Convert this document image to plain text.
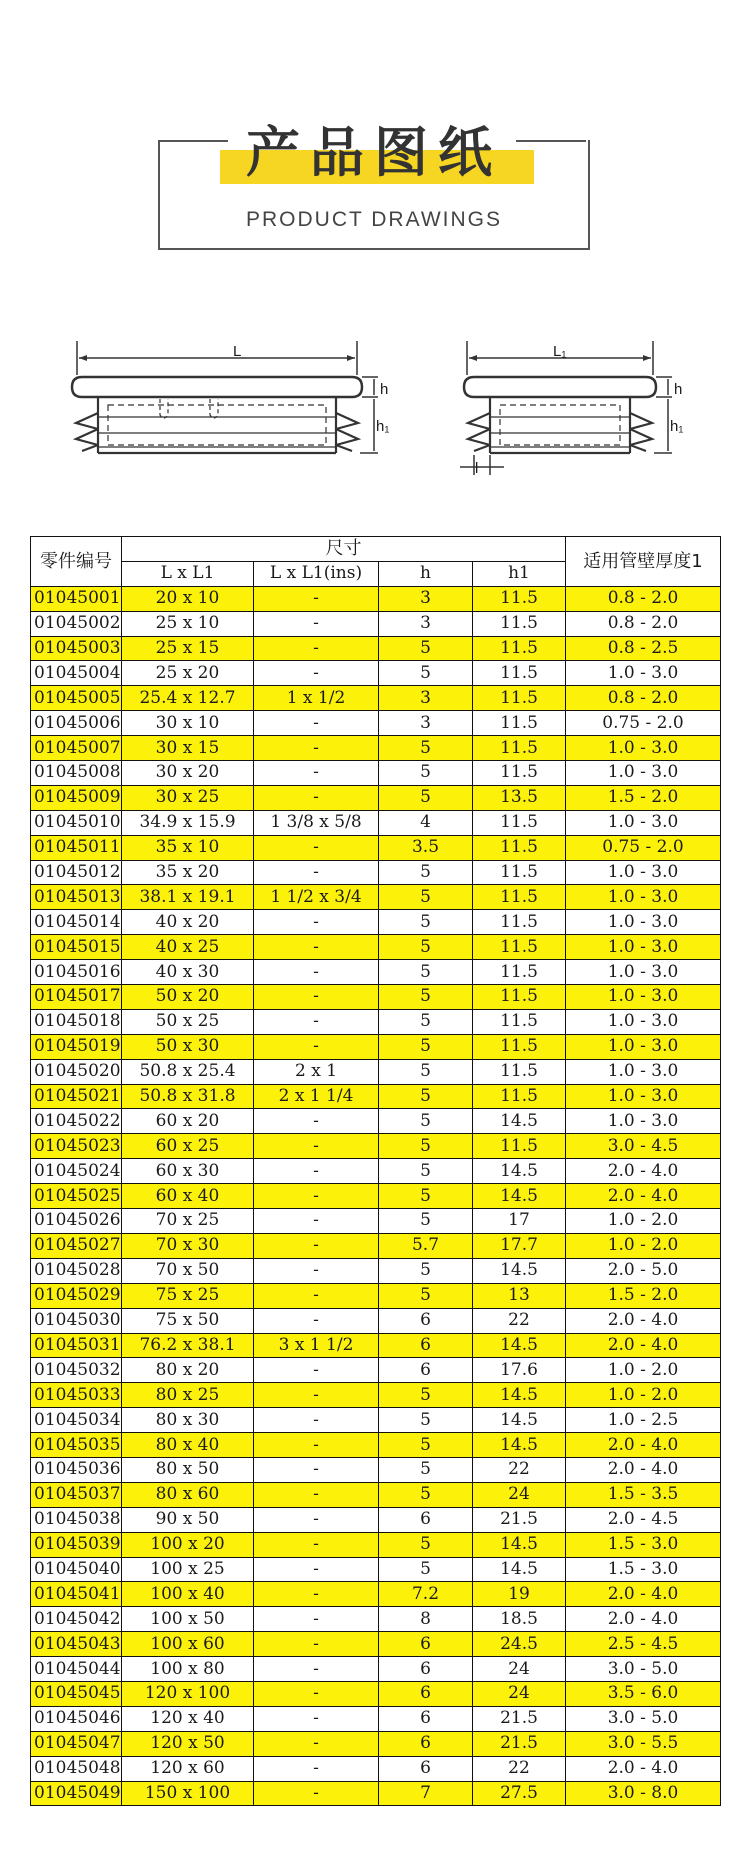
产品图纸
PRODUCT DRAWINGS
L
h
h₁
L₁
h
h₁
l
零件编号	尺寸				适用管壁厚度1
	L x L1	L x L1(ins)	h	h1	
01045001	20 x 10	-	3	11.5	0.8 - 2.0
01045002	25 x 10	-	3	11.5	0.8 - 2.0
01045003	25 x 15	-	5	11.5	0.8 - 2.5
01045004	25 x 20	-	5	11.5	1.0 - 3.0
01045005	25.4 x 12.7	1 x 1/2	3	11.5	0.8 - 2.0
01045006	30 x 10	-	3	11.5	0.75 - 2.0
01045007	30 x 15	-	5	11.5	1.0 - 3.0
01045008	30 x 20	-	5	11.5	1.0 - 3.0
01045009	30 x 25	-	5	13.5	1.5 - 2.0
01045010	34.9 x 15.9	1 3/8 x 5/8	4	11.5	1.0 - 3.0
01045011	35 x 10	-	3.5	11.5	0.75 - 2.0
01045012	35 x 20	-	5	11.5	1.0 - 3.0
01045013	38.1 x 19.1	1 1/2 x 3/4	5	11.5	1.0 - 3.0
01045014	40 x 20	-	5	11.5	1.0 - 3.0
01045015	40 x 25	-	5	11.5	1.0 - 3.0
01045016	40 x 30	-	5	11.5	1.0 - 3.0
01045017	50 x 20	-	5	11.5	1.0 - 3.0
01045018	50 x 25	-	5	11.5	1.0 - 3.0
01045019	50 x 30	-	5	11.5	1.0 - 3.0
01045020	50.8 x 25.4	2 x 1	5	11.5	1.0 - 3.0
01045021	50.8 x 31.8	2 x 1 1/4	5	11.5	1.0 - 3.0
01045022	60 x 20	-	5	14.5	1.0 - 3.0
01045023	60 x 25	-	5	11.5	3.0 - 4.5
01045024	60 x 30	-	5	14.5	2.0 - 4.0
01045025	60 x 40	-	5	14.5	2.0 - 4.0
01045026	70 x 25	-	5	17	1.0 - 2.0
01045027	70 x 30	-	5.7	17.7	1.0 - 2.0
01045028	70 x 50	-	5	14.5	2.0 - 5.0
01045029	75 x 25	-	5	13	1.5 - 2.0
01045030	75 x 50	-	6	22	2.0 - 4.0
01045031	76.2 x 38.1	3 x 1 1/2	6	14.5	2.0 - 4.0
01045032	80 x 20	-	6	17.6	1.0 - 2.0
01045033	80 x 25	-	5	14.5	1.0 - 2.0
01045034	80 x 30	-	5	14.5	1.0 - 2.5
01045035	80 x 40	-	5	14.5	2.0 - 4.0
01045036	80 x 50	-	5	22	2.0 - 4.0
01045037	80 x 60	-	5	24	1.5 - 3.5
01045038	90 x 50	-	6	21.5	2.0 - 4.5
01045039	100 x 20	-	5	14.5	1.5 - 3.0
01045040	100 x 25	-	5	14.5	1.5 - 3.0
01045041	100 x 40	-	7.2	19	2.0 - 4.0
01045042	100 x 50	-	8	18.5	2.0 - 4.0
01045043	100 x 60	-	6	24.5	2.5 - 4.5
01045044	100 x 80	-	6	24	3.0 - 5.0
01045045	120 x 100	-	6	24	3.5 - 6.0
01045046	120 x 40	-	6	21.5	3.0 - 5.0
01045047	120 x 50	-	6	21.5	3.0 - 5.5
01045048	120 x 60	-	6	22	2.0 - 4.0
01045049	150 x 100	-	7	27.5	3.0 - 8.0
